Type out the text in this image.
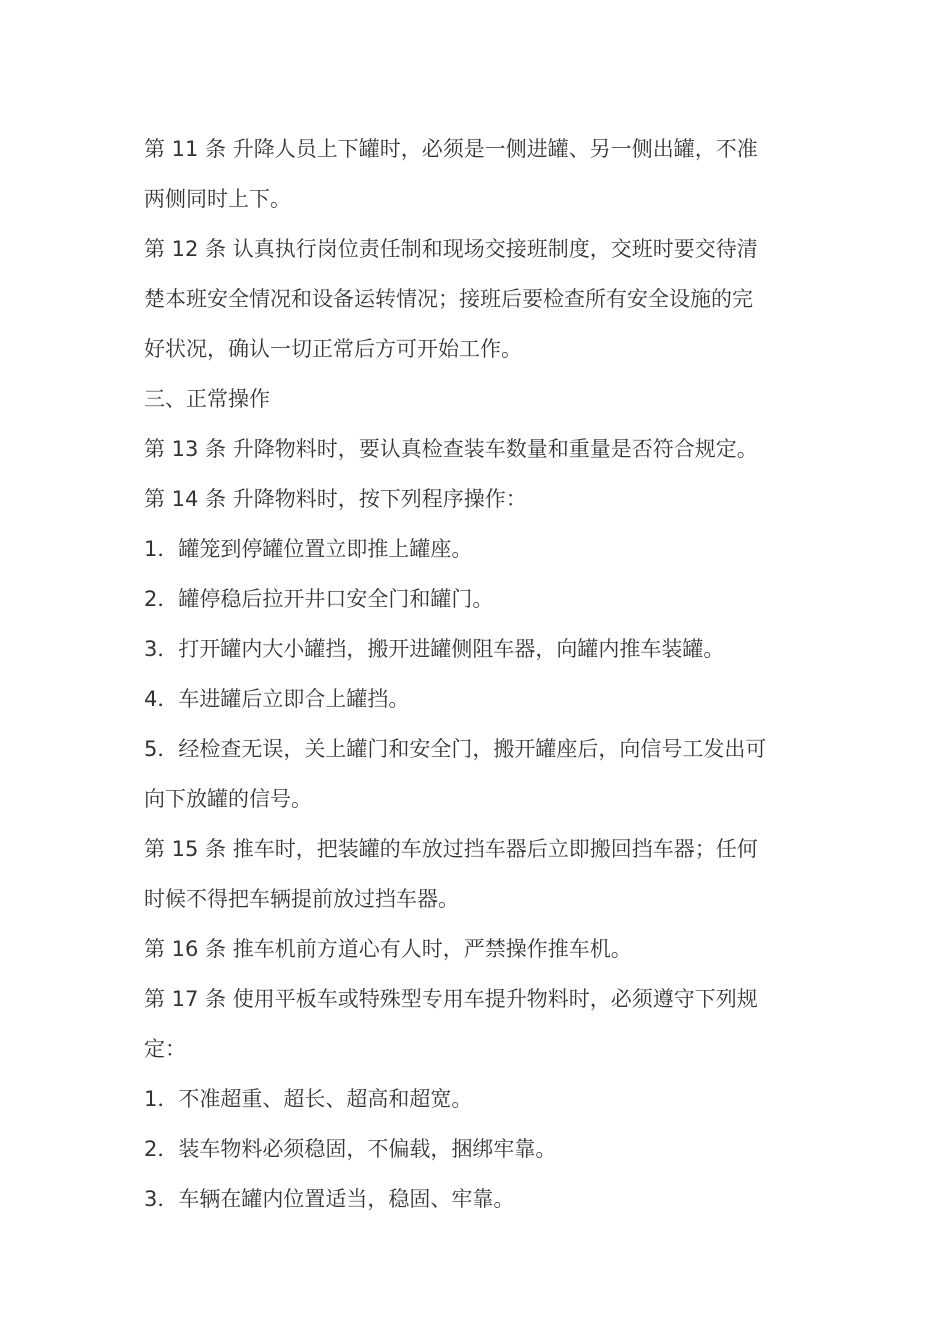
第 11 条 升降人员上下罐时，必须是一侧进罐、另一侧出罐，不准

两侧同时上下。

第 12 条 认真执行岗位责任制和现场交接班制度，交班时要交待清

楚本班安全情况和设备运转情况；接班后要检查所有安全设施的完

好状况，确认一切正常后方可开始工作。

三、正常操作

第 13 条 升降物料时，要认真检查装车数量和重量是否符合规定。

第 14 条 升降物料时，按下列程序操作：

1．罐笼到停罐位置立即推上罐座。

2．罐停稳后拉开井口安全门和罐门。

3．打开罐内大小罐挡，搬开进罐侧阻车器，向罐内推车装罐。

4．车进罐后立即合上罐挡。

5．经检查无误，关上罐门和安全门，搬开罐座后，向信号工发出可

向下放罐的信号。

第 15 条 推车时，把装罐的车放过挡车器后立即搬回挡车器；任何

时候不得把车辆提前放过挡车器。

第 16 条 推车机前方道心有人时，严禁操作推车机。

第 17 条 使用平板车或特殊型专用车提升物料时，必须遵守下列规

定：

1．不准超重、超长、超高和超宽。

2．装车物料必须稳固，不偏载，捆绑牢靠。

3．车辆在罐内位置适当，稳固、牢靠。
